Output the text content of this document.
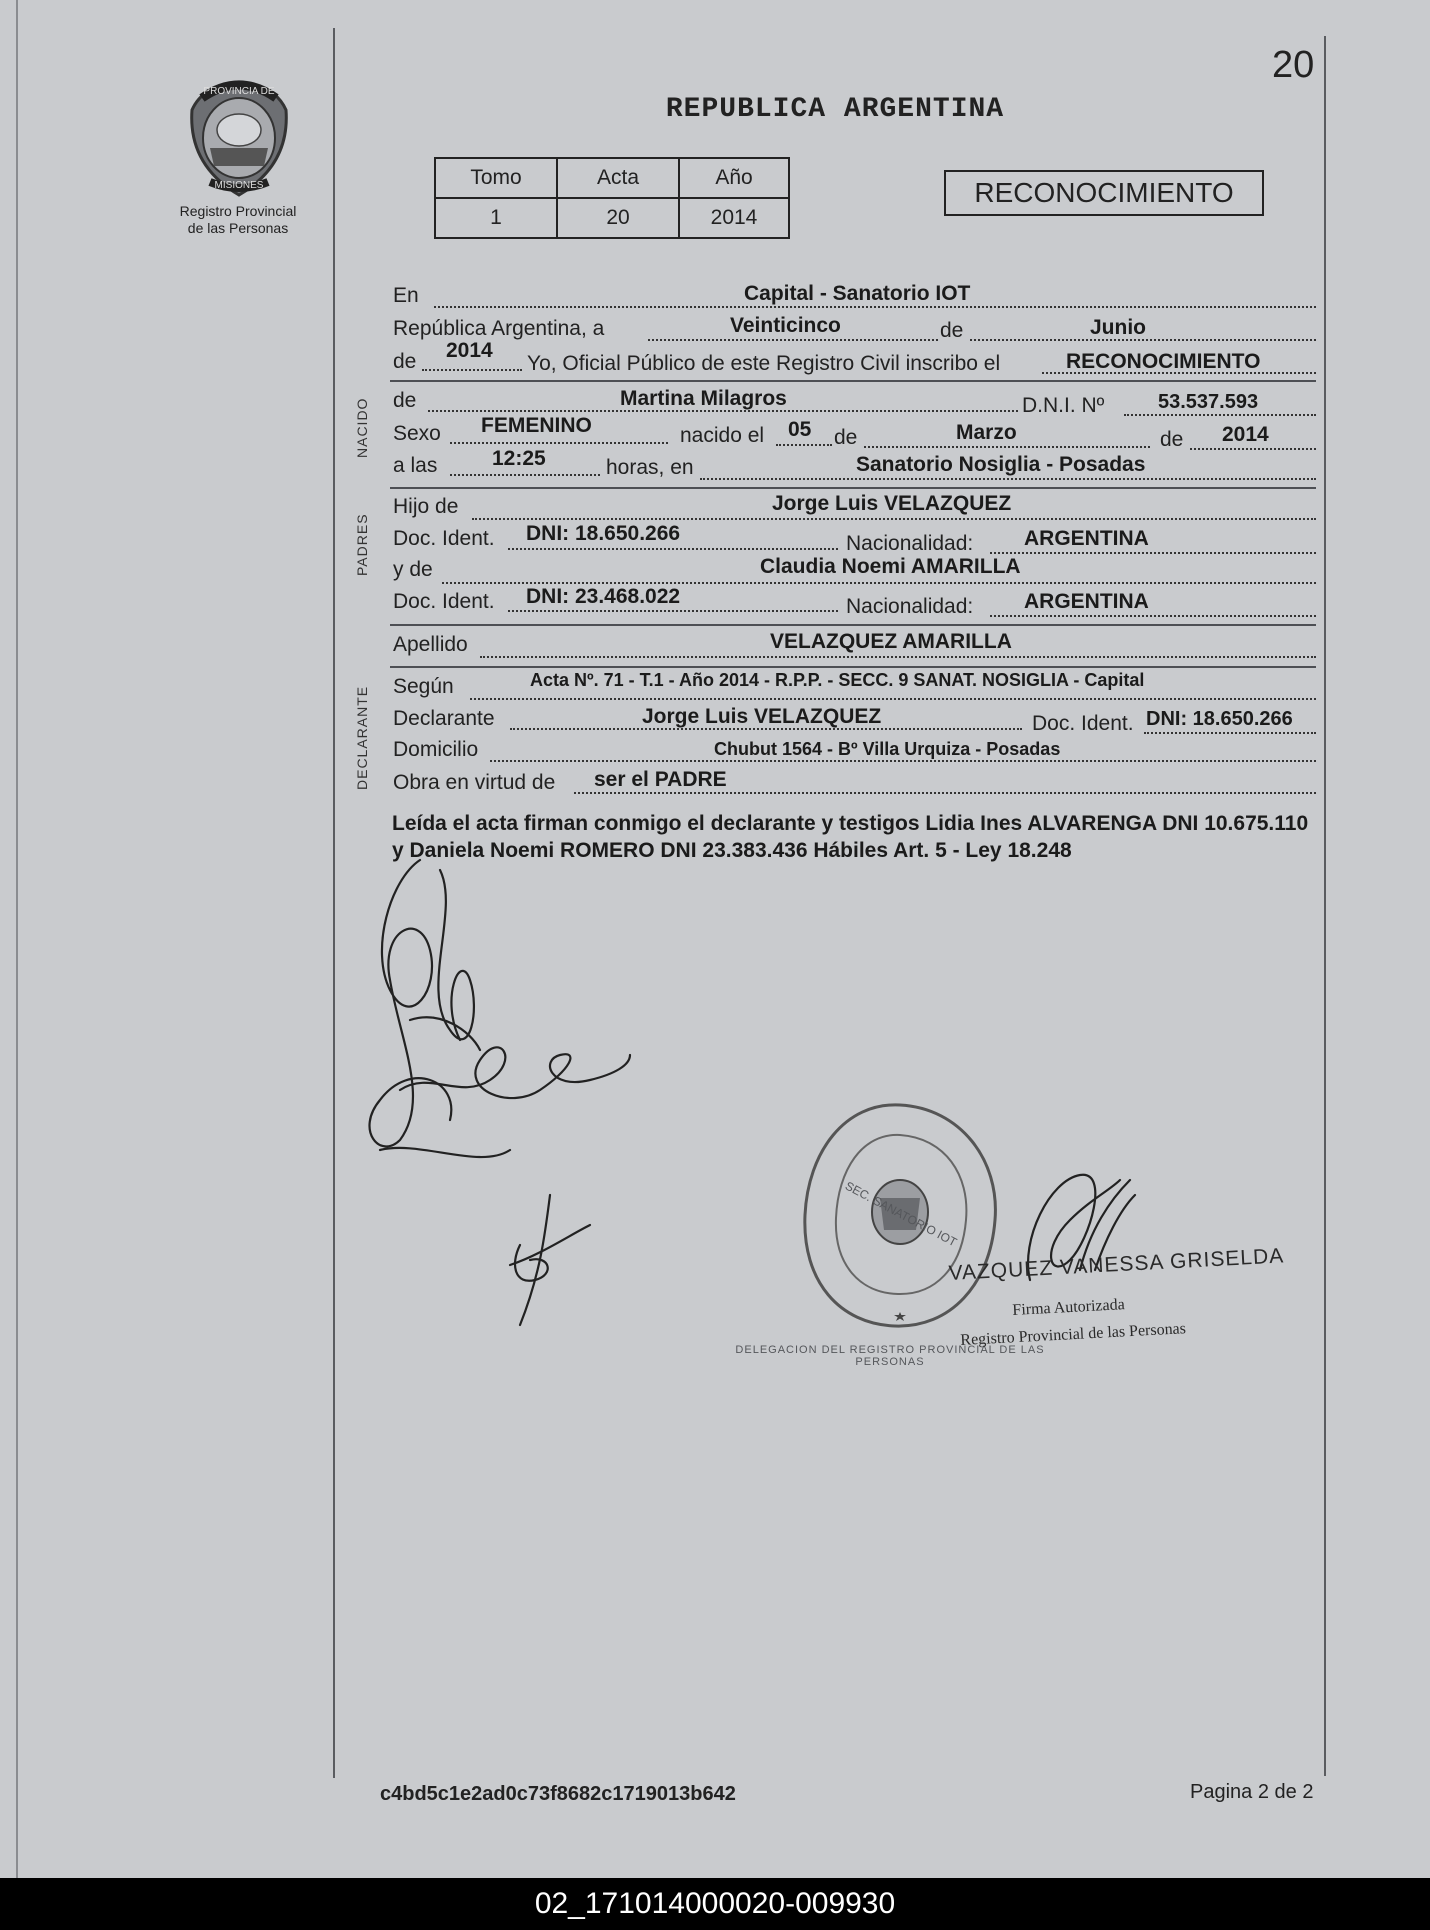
PROVINCIA DE
MISIONES
Registro Provincial
de las Personas
20
REPUBLICA ARGENTINA
Tomo	Acta	Año
1	20	2014
RECONOCIMIENTO
NACIDO
PADRES
DECLARANTE
En	Capital - Sanatorio IOT
República Argentina, a	Veinticinco	de	Junio
de 2014
Yo, Oficial Público de este Registro Civil inscribo el	RECONOCIMIENTO
de	Martina Milagros	D.N.I. Nº	53.537.593
Sexo FEMENINO	nacido el 05 de	Marzo	de 2014
a las	12:25	horas, en	Sanatorio Nosiglia - Posadas
Hijo de	Jorge Luis VELAZQUEZ
Doc. Ident. DNI: 18.650.266	Nacionalidad: ARGENTINA
y de	Claudia Noemi AMARILLA
Doc. Ident. DNI: 23.468.022	Nacionalidad: ARGENTINA
Apellido	VELAZQUEZ AMARILLA
Según	Acta Nº. 71 - T.1 - Año 2014 - R.P.P. - SECC. 9 SANAT. NOSIGLIA - Capital
Declarante	Jorge Luis VELAZQUEZ	Doc. Ident. DNI: 18.650.266
Domicilio	Chubut 1564 - Bº Villa Urquiza - Posadas
Obra en virtud de ser el PADRE
Leída el acta firman conmigo el declarante y testigos Lidia Ines ALVARENGA DNI 10.675.110 y Daniela Noemi ROMERO DNI 23.383.436 Hábiles Art. 5 - Ley 18.248
DELEGACION DEL REGISTRO PROVINCIAL DE LAS PERSONAS
SEC. SANATORIO IOT
VAZQUEZ VANESSA GRISELDA
Firma Autorizada
Registro Provincial de las Personas
c4bd5c1e2ad0c73f8682c1719013b642	Pagina 2 de 2
02_171014000020-009930
